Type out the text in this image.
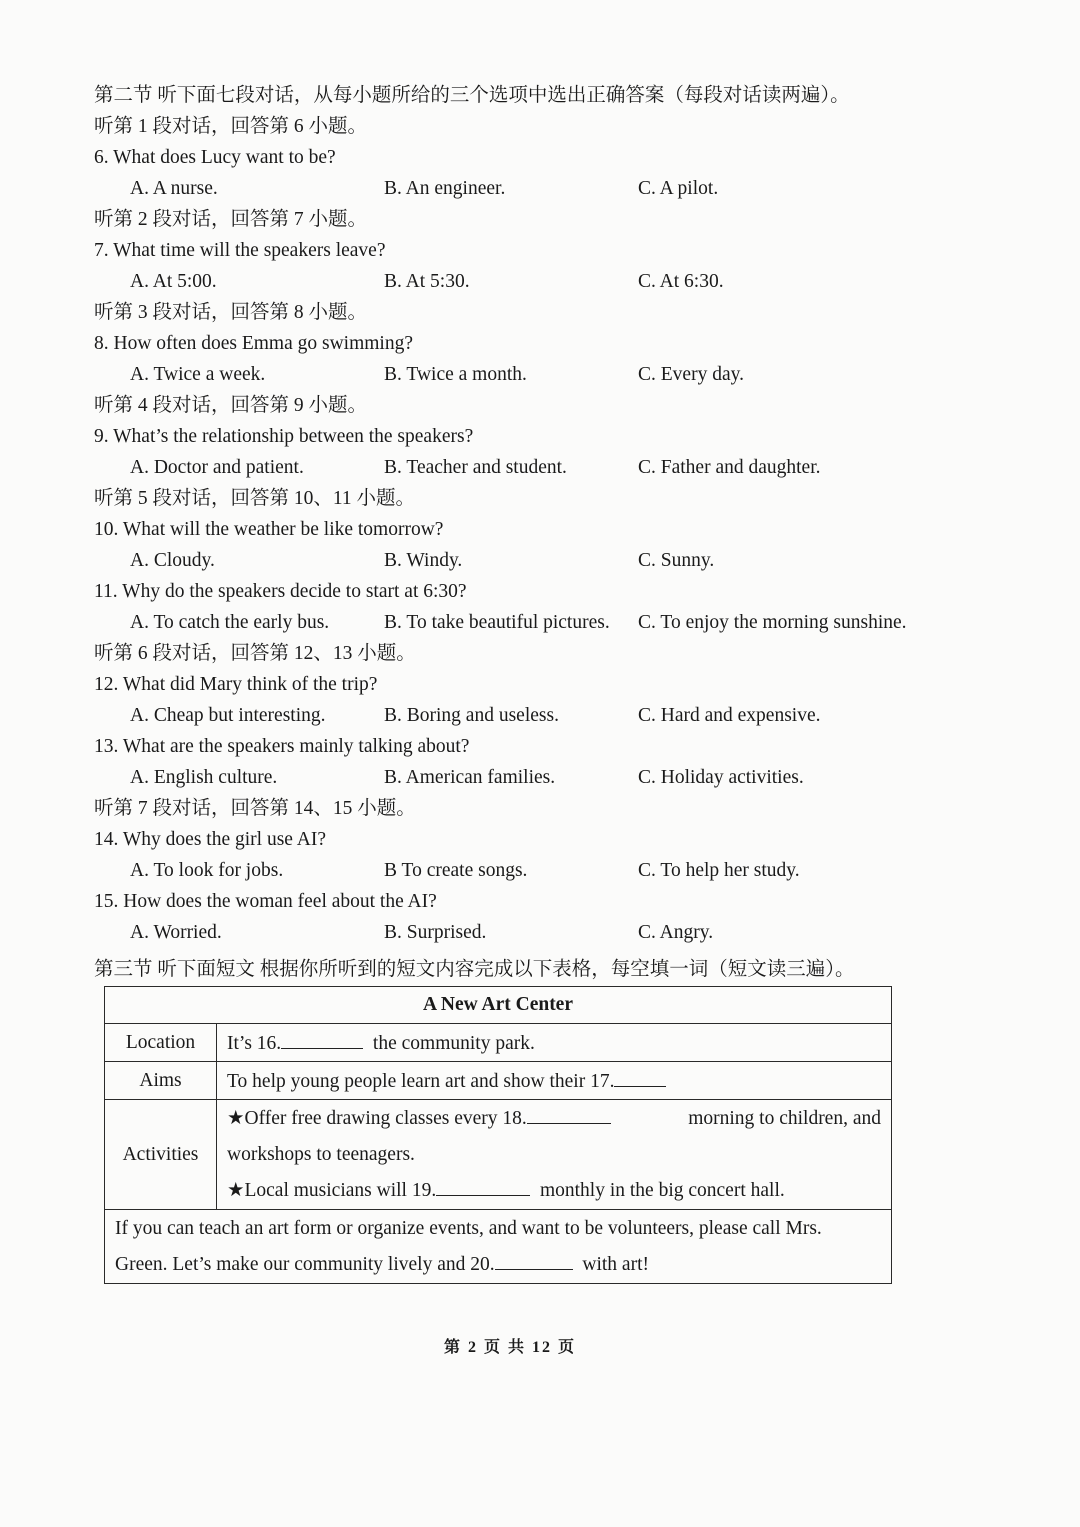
第二节 听下面七段对话，从每小题所给的三个选项中选出正确答案（每段对话读两遍）。
听第 1 段对话，回答第 6 小题。
6. What does Lucy want to be?
A. A nurse.	B. An engineer.	C. A pilot.
听第 2 段对话，回答第 7 小题。
7. What time will the speakers leave?
A. At 5:00.	B. At 5:30.	C. At 6:30.
听第 3 段对话，回答第 8 小题。
8. How often does Emma go swimming?
A. Twice a week.	B. Twice a month.	C. Every day.
听第 4 段对话，回答第 9 小题。
9. What’s the relationship between the speakers?
A. Doctor and patient.	B. Teacher and student.	C. Father and daughter.
听第 5 段对话，回答第 10、11 小题。
10. What will the weather be like tomorrow?
A. Cloudy.	B. Windy.	C. Sunny.
11. Why do the speakers decide to start at 6:30?
A. To catch the early bus.	B. To take beautiful pictures. C. To enjoy the morning sunshine.
听第 6 段对话，回答第 12、13 小题。
12. What did Mary think of the trip?
A. Cheap but interesting.	B. Boring and useless.	C. Hard and expensive.
13. What are the speakers mainly talking about?
A. English culture.	B. American families.	C. Holiday activities.
听第 7 段对话，回答第 14、15 小题。
14. Why does the girl use AI?
A. To look for jobs.	B To create songs.	C. To help her study.
15. How does the woman feel about the AI?
A. Worried.	B. Surprised.	C. Angry.
第三节 听下面短文 根据你所听到的短文内容完成以下表格，每空填一词（短文读三遍）。
A New Art Center	
Location	It’s 16. the community park.
Aims	To help young people learn art and show their 17.
Activities	★Offer free drawing classes every 18. morning to children, and
workshops to teenagers.
★Local musicians will 19. monthly in the big concert hall.

If you can teach an art form or organize events, and want to be volunteers, please call Mrs.
Green. Let’s make our community lively and 20. with art!	
第 2 页 共 12 页
